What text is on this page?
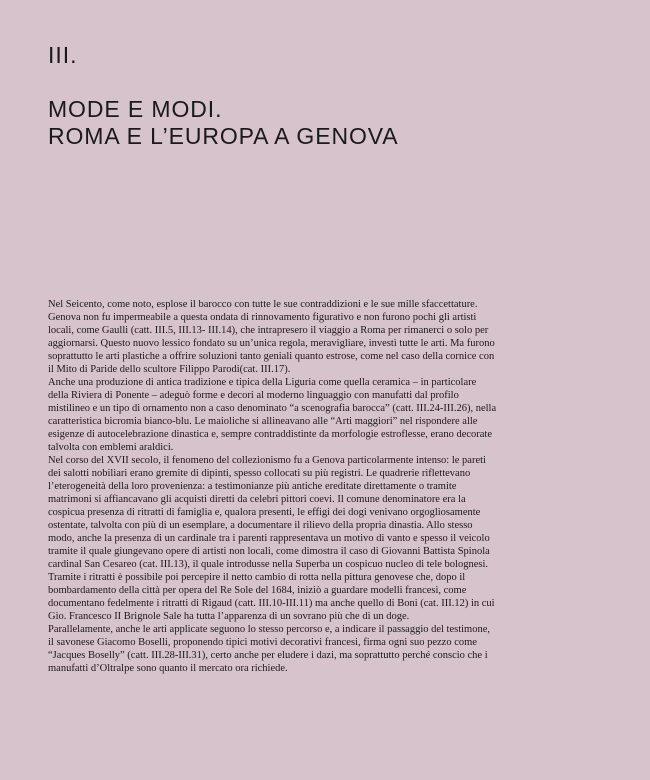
III.
MODE E MODI.
ROMA E L’EUROPA A GENOVA
Nel Seicento, come noto, esplose il barocco con tutte le sue contraddizioni e le sue mille sfaccettature.
Genova non fu impermeabile a questa ondata di rinnovamento figurativo e non furono pochi gli artisti
locali, come Gaulli (catt. III.5, III.13- III.14), che intrapresero il viaggio a Roma per rimanerci o solo per
aggiornarsi. Questo nuovo lessico fondato su un’unica regola, meravigliare, investì tutte le arti. Ma furono
soprattutto le arti plastiche a offrire soluzioni tanto geniali quanto estrose, come nel caso della cornice con
il Mito di Paride dello scultore Filippo Parodi(cat. III.17).
Anche una produzione di antica tradizione e tipica della Liguria come quella ceramica – in particolare
della Riviera di Ponente – adeguò forme e decori al moderno linguaggio con manufatti dal profilo
mistilineo e un tipo di ornamento non a caso denominato “a scenografia barocca” (catt. III.24-III.26), nella
caratteristica bicromia bianco-blu. Le maioliche si allineavano alle “Arti maggiori” nel rispondere alle
esigenze di autocelebrazione dinastica e, sempre contraddistinte da morfologie estroflesse, erano decorate
talvolta con emblemi araldici.
Nel corso del XVII secolo, il fenomeno del collezionismo fu a Genova particolarmente intenso: le pareti
dei salotti nobiliari erano gremite di dipinti, spesso collocati su più registri. Le quadrerie riflettevano
l’eterogeneità della loro provenienza: a testimonianze più antiche ereditate direttamente o tramite
matrimoni si affiancavano gli acquisti diretti da celebri pittori coevi. Il comune denominatore era la
cospicua presenza di ritratti di famiglia e, qualora presenti, le effigi dei dogi venivano orgogliosamente
ostentate, talvolta con più di un esemplare, a documentare il rilievo della propria dinastia. Allo stesso
modo, anche la presenza di un cardinale tra i parenti rappresentava un motivo di vanto e spesso il veicolo
tramite il quale giungevano opere di artisti non locali, come dimostra il caso di Giovanni Battista Spinola
cardinal San Cesareo (cat. III.13), il quale introdusse nella Superba un cospicuo nucleo di tele bolognesi.
Tramite i ritratti è possibile poi percepire il netto cambio di rotta nella pittura genovese che, dopo il
bombardamento della città per opera del Re Sole del 1684, iniziò a guardare modelli francesi, come
documentano fedelmente i ritratti di Rigaud (catt. III.10-III.11) ma anche quello di Boni (cat. III.12) in cui
Gio. Francesco II Brignole Sale ha tutta l’apparenza di un sovrano più che di un doge.
Parallelamente, anche le arti applicate seguono lo stesso percorso e, a indicare il passaggio del testimone,
il savonese Giacomo Boselli, proponendo tipici motivi decorativi francesi, firma ogni suo pezzo come
“Jacques Boselly” (catt. III.28-III.31), certo anche per eludere i dazi, ma soprattutto perché conscio che i
manufatti d’Oltralpe sono quanto il mercato ora richiede.
